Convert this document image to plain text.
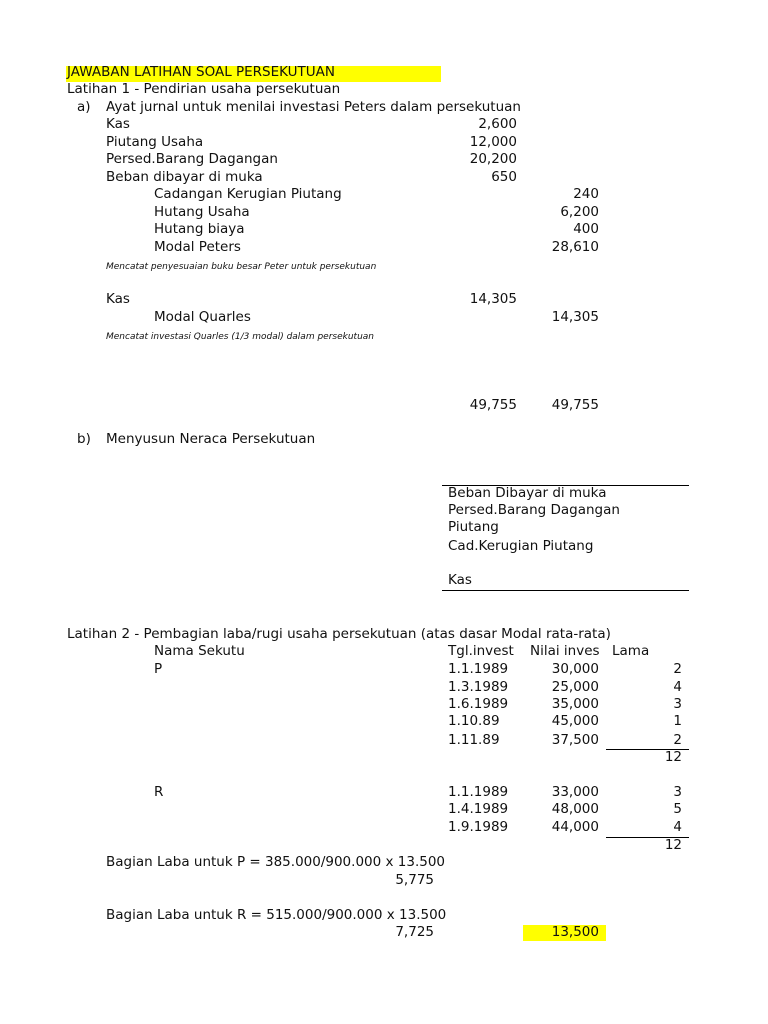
JAWABAN LATIHAN SOAL PERSEKUTUAN
Latihan 1 - Pendirian usaha persekutuan
a) Ayat jurnal untuk menilai investasi Peters dalam persekutuan
Kas	2,600
Piutang Usaha	12,000
Persed.Barang Dagangan	20,200
Beban dibayar di muka	650
Cadangan Kerugian Piutang	240
Hutang Usaha	6,200
Hutang biaya	400
Modal Peters	28,610
Mencatat penyesuaian buku besar Peter untuk persekutuan
Kas	14,305
Modal Quarles	14,305
Mencatat investasi Quarles (1/3 modal) dalam persekutuan
49,755	49,755
b) Menyusun Neraca Persekutuan
Beban Dibayar di muka
Persed.Barang Dagangan
Piutang
Cad.Kerugian Piutang
Kas
Latihan 2 - Pembagian laba/rugi usaha persekutuan (atas dasar Modal rata-rata)
Nama Sekutu	Tgl.invest Nilai inves Lama
P	1.1.1989	30,000	2
1.3.1989	25,000	4
1.6.1989	35,000	3
1.10.89	45,000	1
1.11.89	37,500	2
12
R	1.1.1989	33,000	3
1.4.1989	48,000	5
1.9.1989	44,000	4
12
Bagian Laba untuk P = 385.000/900.000 x 13.500
5,775
Bagian Laba untuk R = 515.000/900.000 x 13.500
7,725	13,500
